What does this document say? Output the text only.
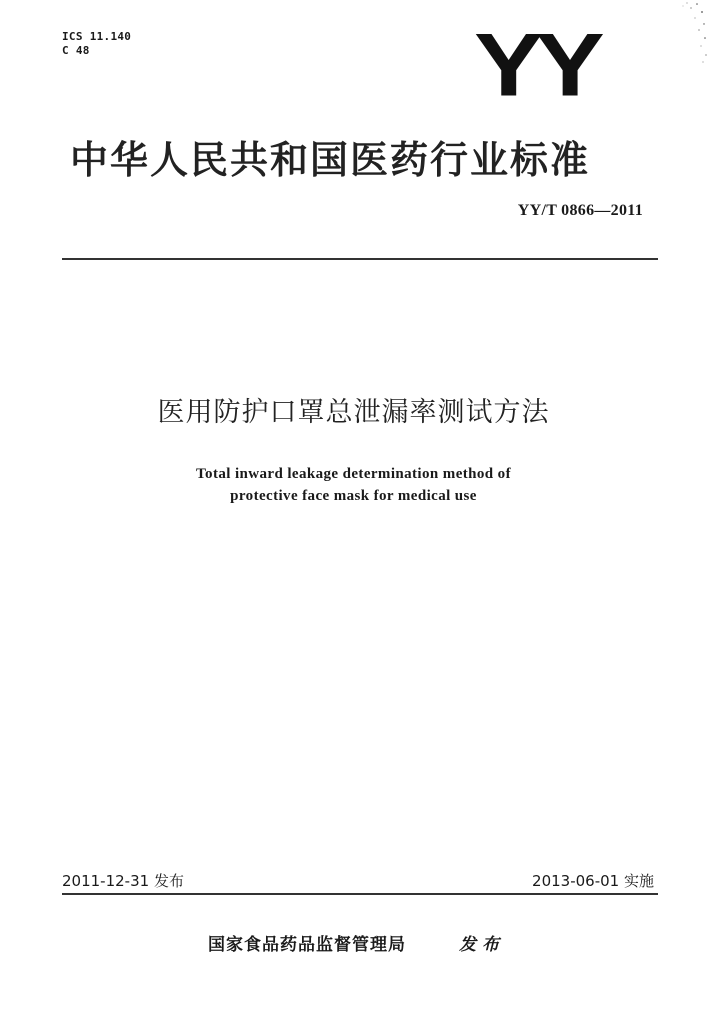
ICS 11.140
C 48	YY
中华人民共和国医药行业标准
YY/T 0866—2011
医用防护口罩总泄漏率测试方法
Total inward leakage determination method of
protective face mask for medical use
2011-12-31 发布	2013-06-01 实施
国家食品药品监督管理局	发布
